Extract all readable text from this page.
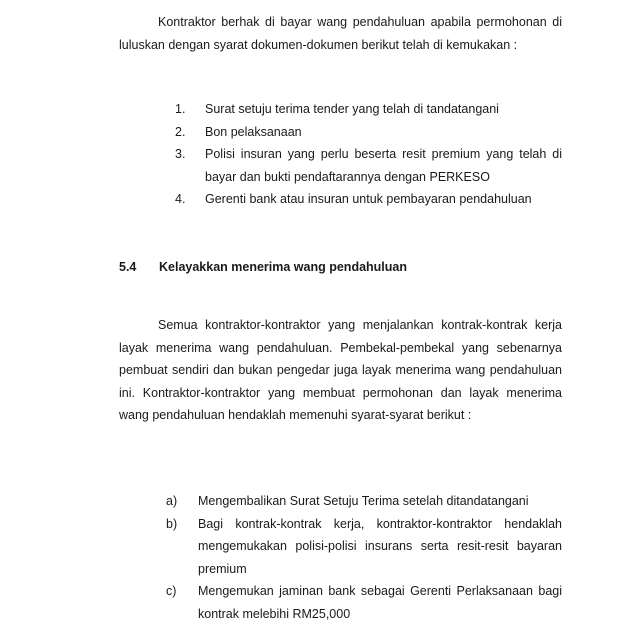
Kontraktor berhak di bayar wang pendahuluan apabila permohonan di luluskan dengan syarat dokumen-dokumen berikut telah di kemukakan :
1. Surat setuju terima tender yang telah di tandatangani
2. Bon pelaksanaan
3. Polisi insuran yang perlu beserta resit premium yang telah di bayar dan bukti pendaftarannya dengan PERKESO
4. Gerenti bank atau insuran untuk pembayaran pendahuluan
5.4 Kelayakkan menerima wang pendahuluan
Semua kontraktor-kontraktor yang menjalankan kontrak-kontrak kerja layak menerima wang pendahuluan. Pembekal-pembekal yang sebenarnya pembuat sendiri dan bukan pengedar juga layak menerima wang pendahuluan ini. Kontraktor-kontraktor yang membuat permohonan dan layak menerima wang pendahuluan hendaklah memenuhi syarat-syarat berikut :
a) Mengembalikan Surat Setuju Terima setelah ditandatangani
b) Bagi kontrak-kontrak kerja, kontraktor-kontraktor hendaklah mengemukakan polisi-polisi insurans serta resit-resit bayaran premium
c) Mengemukan jaminan bank sebagai Gerenti Perlaksanaan bagi kontrak melebihi RM25,000
